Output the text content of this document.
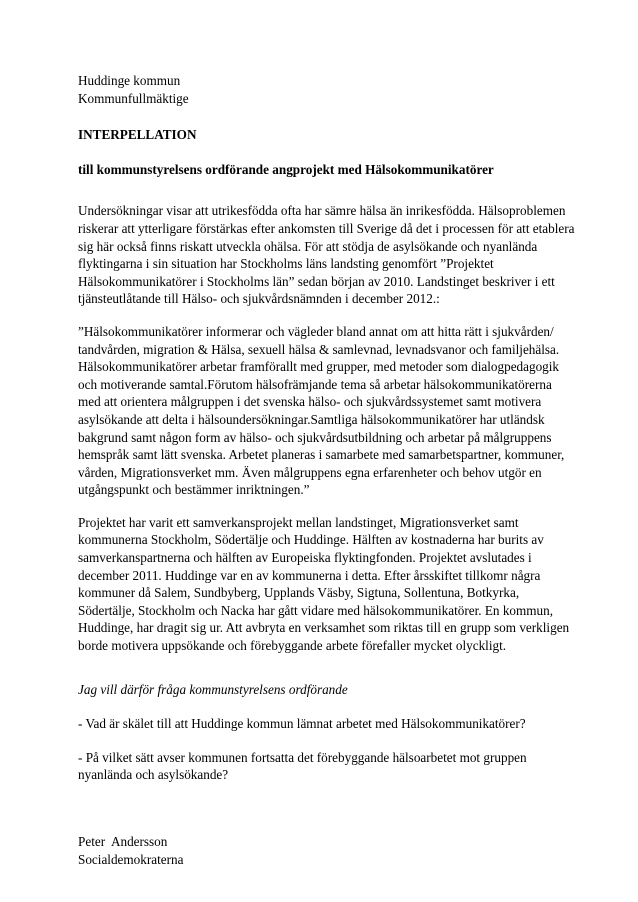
Huddinge kommun
Kommunfullmäktige
INTERPELLATION
till kommunstyrelsens ordförande angprojekt med Hälsokommunikatörer
Undersökningar visar att utrikesfödda ofta har sämre hälsa än inrikesfödda. Hälsoproblemen
riskerar att ytterligare förstärkas efter ankomsten till Sverige då det i processen för att etablera
sig här också finns riskatt utveckla ohälsa. För att stödja de asylsökande och nyanlända
flyktingarna i sin situation har Stockholms läns landsting genomfört ”Projektet
Hälsokommunikatörer i Stockholms län” sedan början av 2010. Landstinget beskriver i ett
tjänsteutlåtande till Hälso- och sjukvårdsnämnden i december 2012.:
”Hälsokommunikatörer informerar och vägleder bland annat om att hitta rätt i sjukvården/
tandvården, migration & Hälsa, sexuell hälsa & samlevnad, levnadsvanor och familjehälsa.
Hälsokommunikatörer arbetar framförallt med grupper, med metoder som dialogpedagogik
och motiverande samtal.Förutom hälsofrämjande tema så arbetar hälsokommunikatörerna
med att orientera målgruppen i det svenska hälso- och sjukvårdssystemet samt motivera
asylsökande att delta i hälsoundersökningar.Samtliga hälsokommunikatörer har utländsk
bakgrund samt någon form av hälso- och sjukvårdsutbildning och arbetar på målgruppens
hemspråk samt lätt svenska. Arbetet planeras i samarbete med samarbetspartner, kommuner,
vården, Migrationsverket mm. Även målgruppens egna erfarenheter och behov utgör en
utgångspunkt och bestämmer inriktningen.”
Projektet har varit ett samverkansprojekt mellan landstinget, Migrationsverket samt
kommunerna Stockholm, Södertälje och Huddinge. Hälften av kostnaderna har burits av
samverkanspartnerna och hälften av Europeiska flyktingfonden. Projektet avslutades i
december 2011. Huddinge var en av kommunerna i detta. Efter årsskiftet tillkomr några
kommuner då Salem, Sundbyberg, Upplands Väsby, Sigtuna, Sollentuna, Botkyrka,
Södertälje, Stockholm och Nacka har gått vidare med hälsokommunikatörer. En kommun,
Huddinge, har dragit sig ur. Att avbryta en verksamhet som riktas till en grupp som verkligen
borde motivera uppsökande och förebyggande arbete förefaller mycket olyckligt.
Jag vill därför fråga kommunstyrelsens ordförande
- Vad är skälet till att Huddinge kommun lämnat arbetet med Hälsokommunikatörer?
- På vilket sätt avser kommunen fortsatta det förebyggande hälsoarbetet mot gruppen
nyanlända och asylsökande?
Peter  Andersson
Socialdemokraterna
